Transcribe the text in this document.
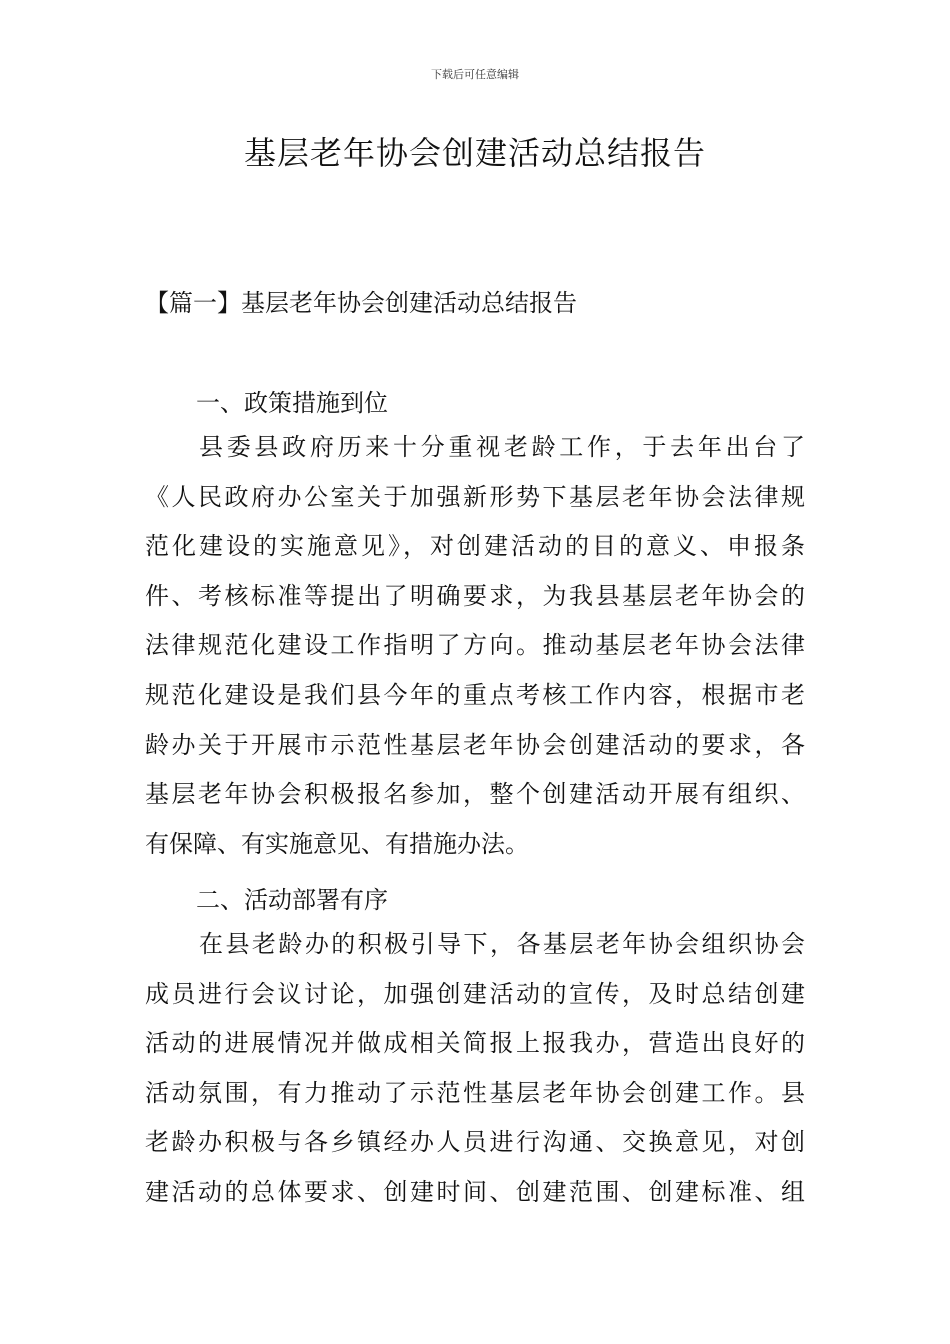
下载后可任意编辑
基层老年协会创建活动总结报告
【篇一】基层老年协会创建活动总结报告
一、政策措施到位
县委县政府历来十分重视老龄工作，于去年出台了
《人民政府办公室关于加强新形势下基层老年协会法律规
范化建设的实施意见》，对创建活动的目的意义、申报条
件、考核标准等提出了明确要求，为我县基层老年协会的
法律规范化建设工作指明了方向。推动基层老年协会法律
规范化建设是我们县今年的重点考核工作内容，根据市老
龄办关于开展市示范性基层老年协会创建活动的要求，各
基层老年协会积极报名参加，整个创建活动开展有组织、
有保障、有实施意见、有措施办法。
二、活动部署有序
在县老龄办的积极引导下，各基层老年协会组织协会
成员进行会议讨论，加强创建活动的宣传，及时总结创建
活动的进展情况并做成相关简报上报我办，营造出良好的
活动氛围，有力推动了示范性基层老年协会创建工作。县
老龄办积极与各乡镇经办人员进行沟通、交换意见，对创
建活动的总体要求、创建时间、创建范围、创建标准、组
